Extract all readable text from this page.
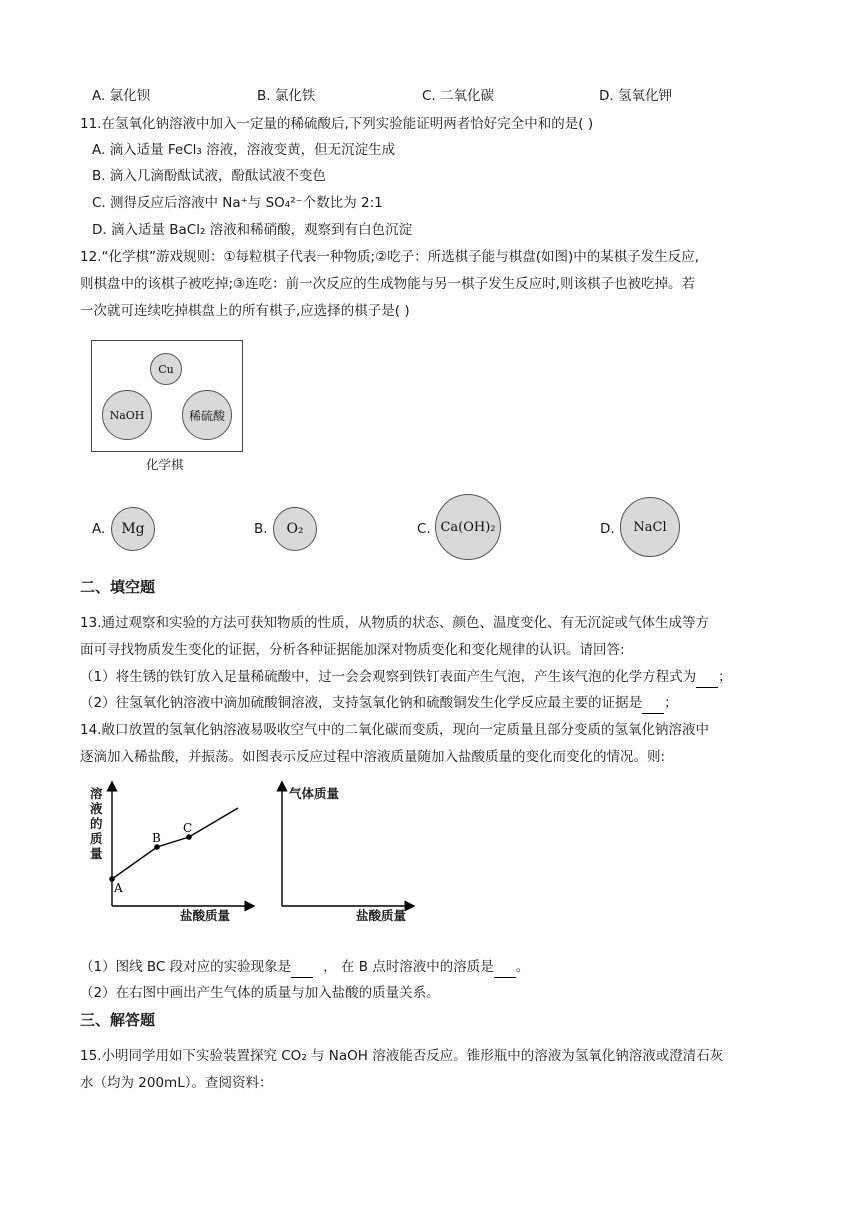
A. 氯化钡	B. 氯化铁	C. 二氧化碳	D. 氢氧化钾
11.在氢氧化钠溶液中加入一定量的稀硫酸后,下列实验能证明两者恰好完全中和的是( )
A. 滴入适量 FeCl₃ 溶液，溶液变黄，但无沉淀生成
B. 滴入几滴酚酞试液，酚酞试液不变色
C. 测得反应后溶液中 Na⁺与 SO₄²⁻个数比为 2:1
D. 滴入适量 BaCl₂ 溶液和稀硝酸，观察到有白色沉淀
12.“化学棋”游戏规则：①每粒棋子代表一种物质;②吃子：所选棋子能与棋盘(如图)中的某棋子发生反应,
则棋盘中的该棋子被吃掉;③连吃：前一次反应的生成物能与另一棋子发生反应时,则该棋子也被吃掉。若
一次就可连续吃掉棋盘上的所有棋子,应选择的棋子是( )
Cu
NaOH	稀硫酸
化学棋
A.	Mg	B.	O₂	C. Ca(OH)₂	D.	NaCl
二、填空题
13.通过观察和实验的方法可获知物质的性质，从物质的状态、颜色、温度变化、有无沉淀或气体生成等方
面可寻找物质发生变化的证据，分析各种证据能加深对物质变化和变化规律的认识。请回答:
（1）将生锈的铁钉放入足量稀硫酸中，过一会会观察到铁钉表面产生气泡，产生该气泡的化学方程式为 ；
（2）往氢氧化钠溶液中滴加硫酸铜溶液，支持氢氧化钠和硫酸铜发生化学反应最主要的证据是 ；
14.敞口放置的氢氧化钠溶液易吸收空气中的二氧化碳而变质，现向一定质量且部分变质的氢氧化钠溶液中
逐滴加入稀盐酸，并振荡。如图表示反应过程中溶液质量随加入盐酸质量的变化而变化的情况。则:
A
B
C
溶
液
的
质
量
盐酸质量
气体质量
盐酸质量
（1）图线 BC 段对应的实验现象是 ， 在 B 点时溶液中的溶质是 。
（2）在右图中画出产生气体的质量与加入盐酸的质量关系。
三、解答题
15.小明同学用如下实验装置探究 CO₂ 与 NaOH 溶液能否反应。锥形瓶中的溶液为氢氧化钠溶液或澄清石灰
水（均为 200mL）。查阅资料：
